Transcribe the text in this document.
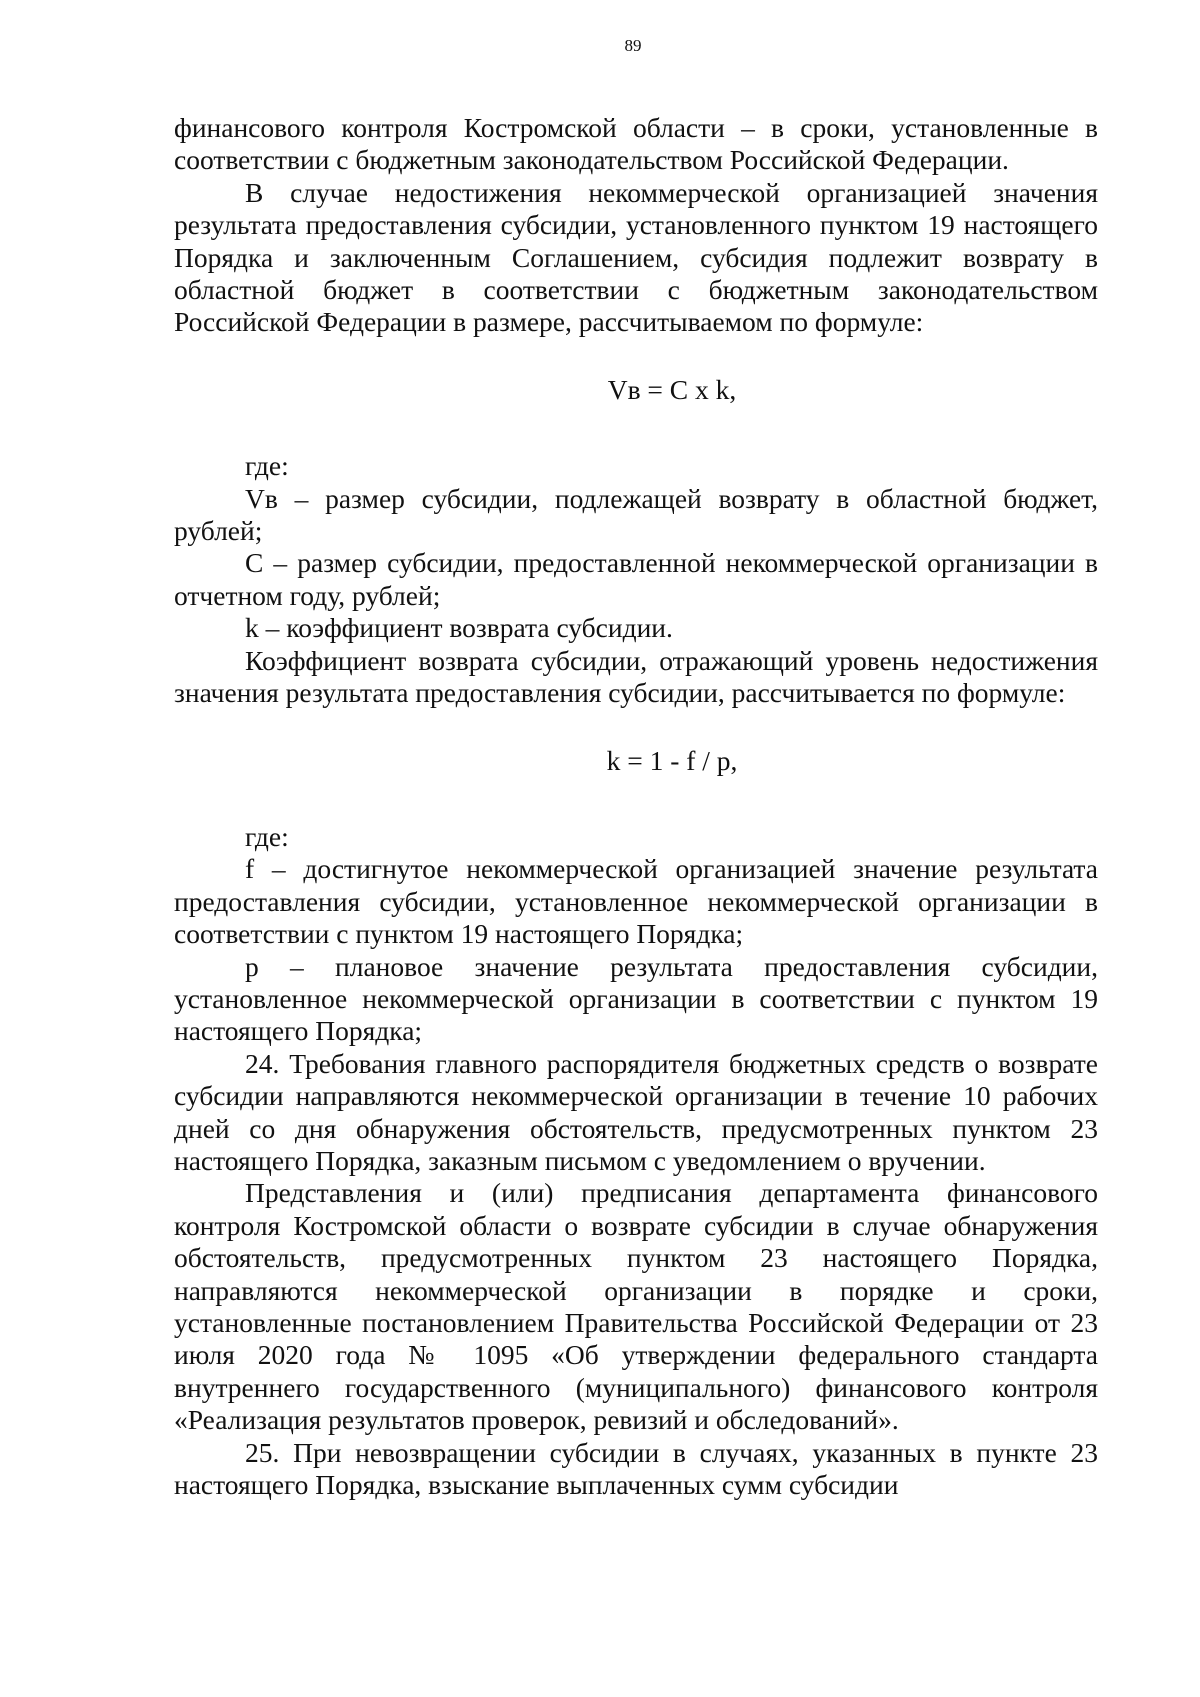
89

финансового контроля Костромской области – в сроки, установленные в соответствии с бюджетным законодательством Российской Федерации.

В случае недостижения некоммерческой организацией значения результата предоставления субсидии, установленного пунктом 19 настоящего Порядка и заключенным Соглашением, субсидия подлежит возврату в областной бюджет в соответствии с бюджетным законодательством Российской Федерации в размере, рассчитываемом по формуле:

Vв = C x k,

где:

Vв – размер субсидии, подлежащей возврату в областной бюджет, рублей;

C – размер субсидии, предоставленной некоммерческой организации в отчетном году, рублей;

k – коэффициент возврата субсидии.

Коэффициент возврата субсидии, отражающий уровень недостижения значения результата предоставления субсидии, рассчитывается по формуле:

k = 1 - f / p,

где:

f – достигнутое некоммерческой организацией значение результата предоставления субсидии, установленное некоммерческой организации в соответствии с пунктом 19 настоящего Порядка;

p – плановое значение результата предоставления субсидии, установленное некоммерческой организации в соответствии с пунктом 19 настоящего Порядка;

24. Требования главного распорядителя бюджетных средств о возврате субсидии направляются некоммерческой организации в течение 10 рабочих дней со дня обнаружения обстоятельств, предусмотренных пунктом 23 настоящего Порядка, заказным письмом с уведомлением о вручении.

Представления и (или) предписания департамента финансового контроля Костромской области о возврате субсидии в случае обнаружения обстоятельств, предусмотренных пунктом 23 настоящего Порядка, направляются некоммерческой организации в порядке и сроки, установленные постановлением Правительства Российской Федерации от 23 июля 2020 года № 1095 «Об утверждении федерального стандарта внутреннего государственного (муниципального) финансового контроля «Реализация результатов проверок, ревизий и обследований».

25. При невозвращении субсидии в случаях, указанных в пункте 23 настоящего Порядка, взыскание выплаченных сумм субсидии
